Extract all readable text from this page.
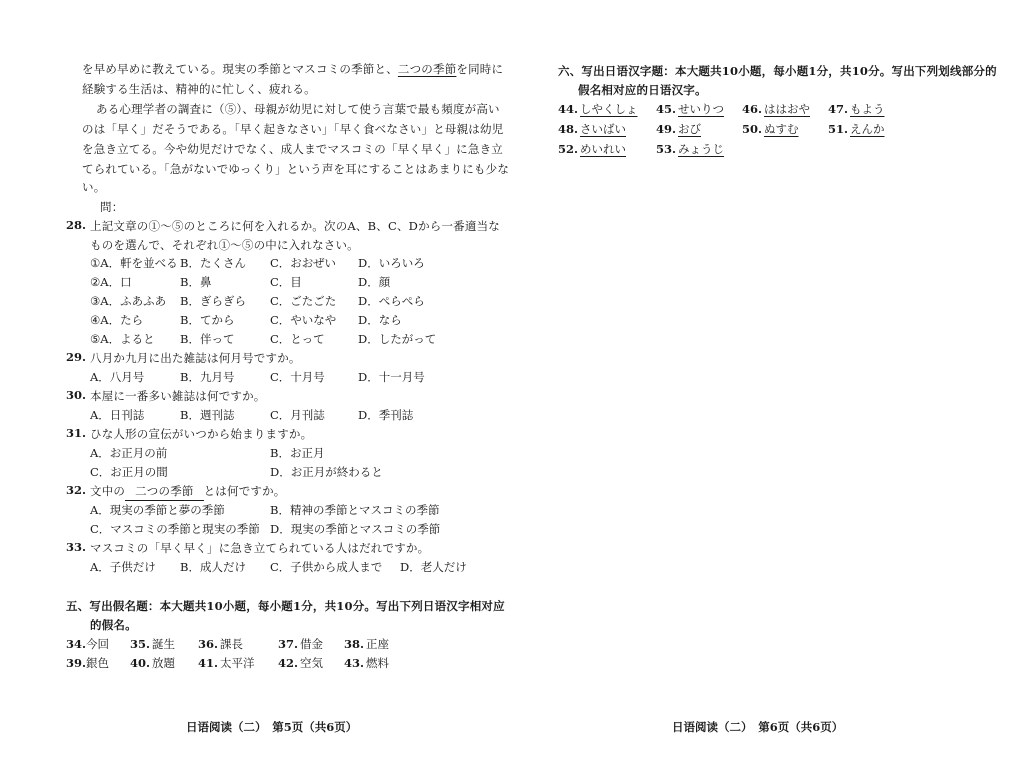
を早め早めに教えている。現実の季節とマスコミの季節と、二つの季節を同時に
経験する生活は、精神的に忙しく、疲れる。
ある心理学者の調査に（⑤）、母親が幼児に対して使う言葉で最も頻度が高い
のは「早く」だそうである。「早く起きなさい」「早く食べなさい」と母親は幼児
を急き立てる。今や幼児だけでなく、成人までマスコミの「早く早く」に急き立
てられている。「急がないでゆっくり」という声を耳にすることはあまりにも少な
い。
問：
28. 上記文章の①～⑤のところに何を入れるか。次のA、B、C、Dから一番適当な
ものを選んで、それぞれ①～⑤の中に入れなさい。
①A．軒を並べる B．たくさん C．おおぜい D．いろいろ
②A．口	B．鼻	C．目	D．顔
③A．ふあふあ B．ぎらぎら C．ごたごた D．ぺらぺら
④A．たら	B．てから	C．やいなや D．なら
⑤A．よると B．伴って	C．とって	D．したがって
29. 八月か九月に出た雑誌は何月号ですか。
A．八月号	B．九月号	C．十月号	D．十一月号
30. 本屋に一番多い雑誌は何ですか。
A．日刊誌	B．週刊誌	C．月刊誌	D．季刊誌
31. ひな人形の宣伝がいつから始まりますか。
A．お正月の前	B．お正月
C．お正月の間	D．お正月が終わると
32. 文中の 二つの季節 とは何ですか。
A．現実の季節と夢の季節	B．精神の季節とマスコミの季節
C．マスコミの季節と現実の季節 D．現実の季節とマスコミの季節
33. マスコミの「早く早く」に急き立てられている人はだれですか。
A．子供だけ B．成人だけ C．子供から成人まで D．老人だけ
五、写出假名题：本大题共10小题，每小题1分，共10分。写出下列日语汉字相对应
的假名。
34. 今回 35. 誕生 36. 課長	37. 借金 38. 正座
39. 銀色 40. 放題 41. 太平洋 42. 空気 43. 燃料
日语阅读（二）　第5页（共6页）
六、写出日语汉字题：本大题共10小题，每小题1分，共10分。写出下列划线部分的
假名相对应的日语汉字。
44. しやくしょ 45. せいりつ 46. ははおや 47. もよう
48. さいばい	49. おび	50. ぬすむ	51. えんか
52. めいれい	53. みょうじ
日语阅读（二）　第6页（共6页）
